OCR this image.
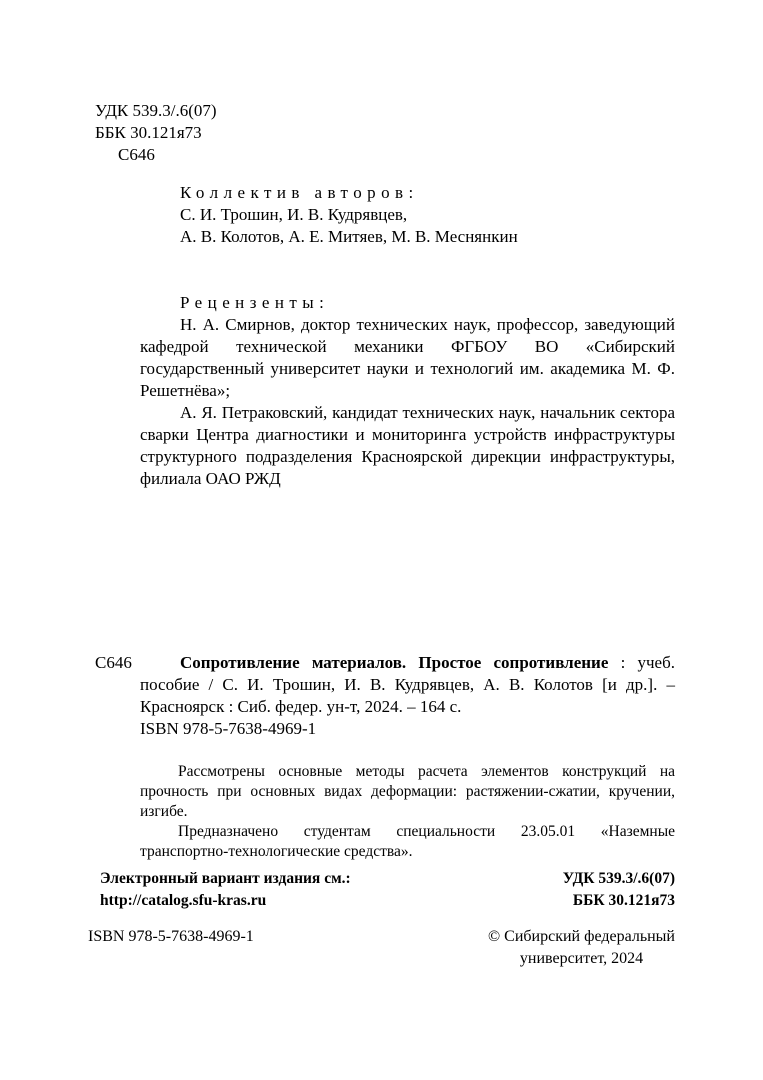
УДК 539.3/.6(07)

ББК 30.121я73

С646

Коллектив авторов:

С. И. Трошин, И. В. Кудрявцев,

А. В. Колотов, А. Е. Митяев, М. В. Меснянкин

Рецензенты:

Н. А. Смирнов, доктор технических наук, профессор, заведующий кафедрой технической механики ФГБОУ ВО «Сибирский государственный университет науки и технологий им. академика М. Ф. Решетнёва»;

А. Я. Петраковский, кандидат технических наук, начальник сектора сварки Центра диагностики и мониторинга устройств инфраструктуры структурного подразделения Красноярской дирекции инфраструктуры, филиала ОАО РЖД

С646	Сопротивление материалов. Простое сопротивление : учеб. пособие / С. И. Трошин, И. В. Кудрявцев, А. В. Колотов [и др.]. – Красноярск : Сиб. федер. ун-т, 2024. – 164 с.

ISBN 978-5-7638-4969-1

Рассмотрены основные методы расчета элементов конструкций на прочность при основных видах деформации: растяжении-сжатии, кручении, изгибе.

Предназначено студентам специальности 23.05.01 «Наземные транспортно-технологические средства».

Электронный вариант издания см.:

http://catalog.sfu-kras.ru

УДК 539.3/.6(07)

ББК 30.121я73

ISBN 978-5-7638-4969-1	© Сибирский федеральный

университет, 2024
